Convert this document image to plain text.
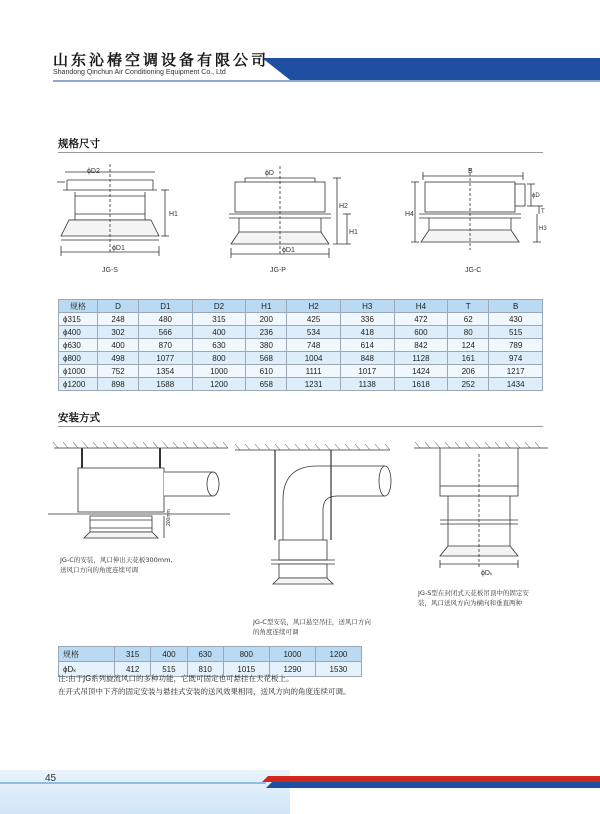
山东沁椿空调设备有限公司
Shandong Qinchun Air Conditioning Equipment Co., Ltd
规格尺寸
ϕD2
H1
ϕD1
JG-S
ϕD
H2
H1
ϕD1
JG-P
B
H4
ϕD
T
H3
JG-C
规格	D	D1	D2	H1	H2	H3	H4	T	B
ϕ315	248	480	315	200	425	336	472	62	430
ϕ400	302	566	400	236	534	418	600	80	515
ϕ630	400	870	630	380	748	614	842	124	789
ϕ800	498	1077	800	568	1004	848	1128	161	974
ϕ1000	752	1354	1000	610	1111	1017	1424	206	1217
ϕ1200	898	1588	1200	658	1231	1138	1618	252	1434
安装方式
200mm
JG-C的安装，风口伸出天花板300mm,
送风口方向的角度连续可调
JG-C型安装，风口悬空吊挂，送风口方向
的角度连续可调
ϕDₖ
JG-S型在封闭式天花板吊顶中的固定安
装，风口送风方向为横向和垂直两种
规格	315	400	630	800	1000	1200
ϕDₖ	412	515	810	1015	1290	1530
注:由于JG系列旋流风口的多种功能，它既可固定也可悬挂在天花板上。
在开式吊顶中下齐的固定安装与悬挂式安装的送风效果相同，送风方向的角度连续可调。
45
